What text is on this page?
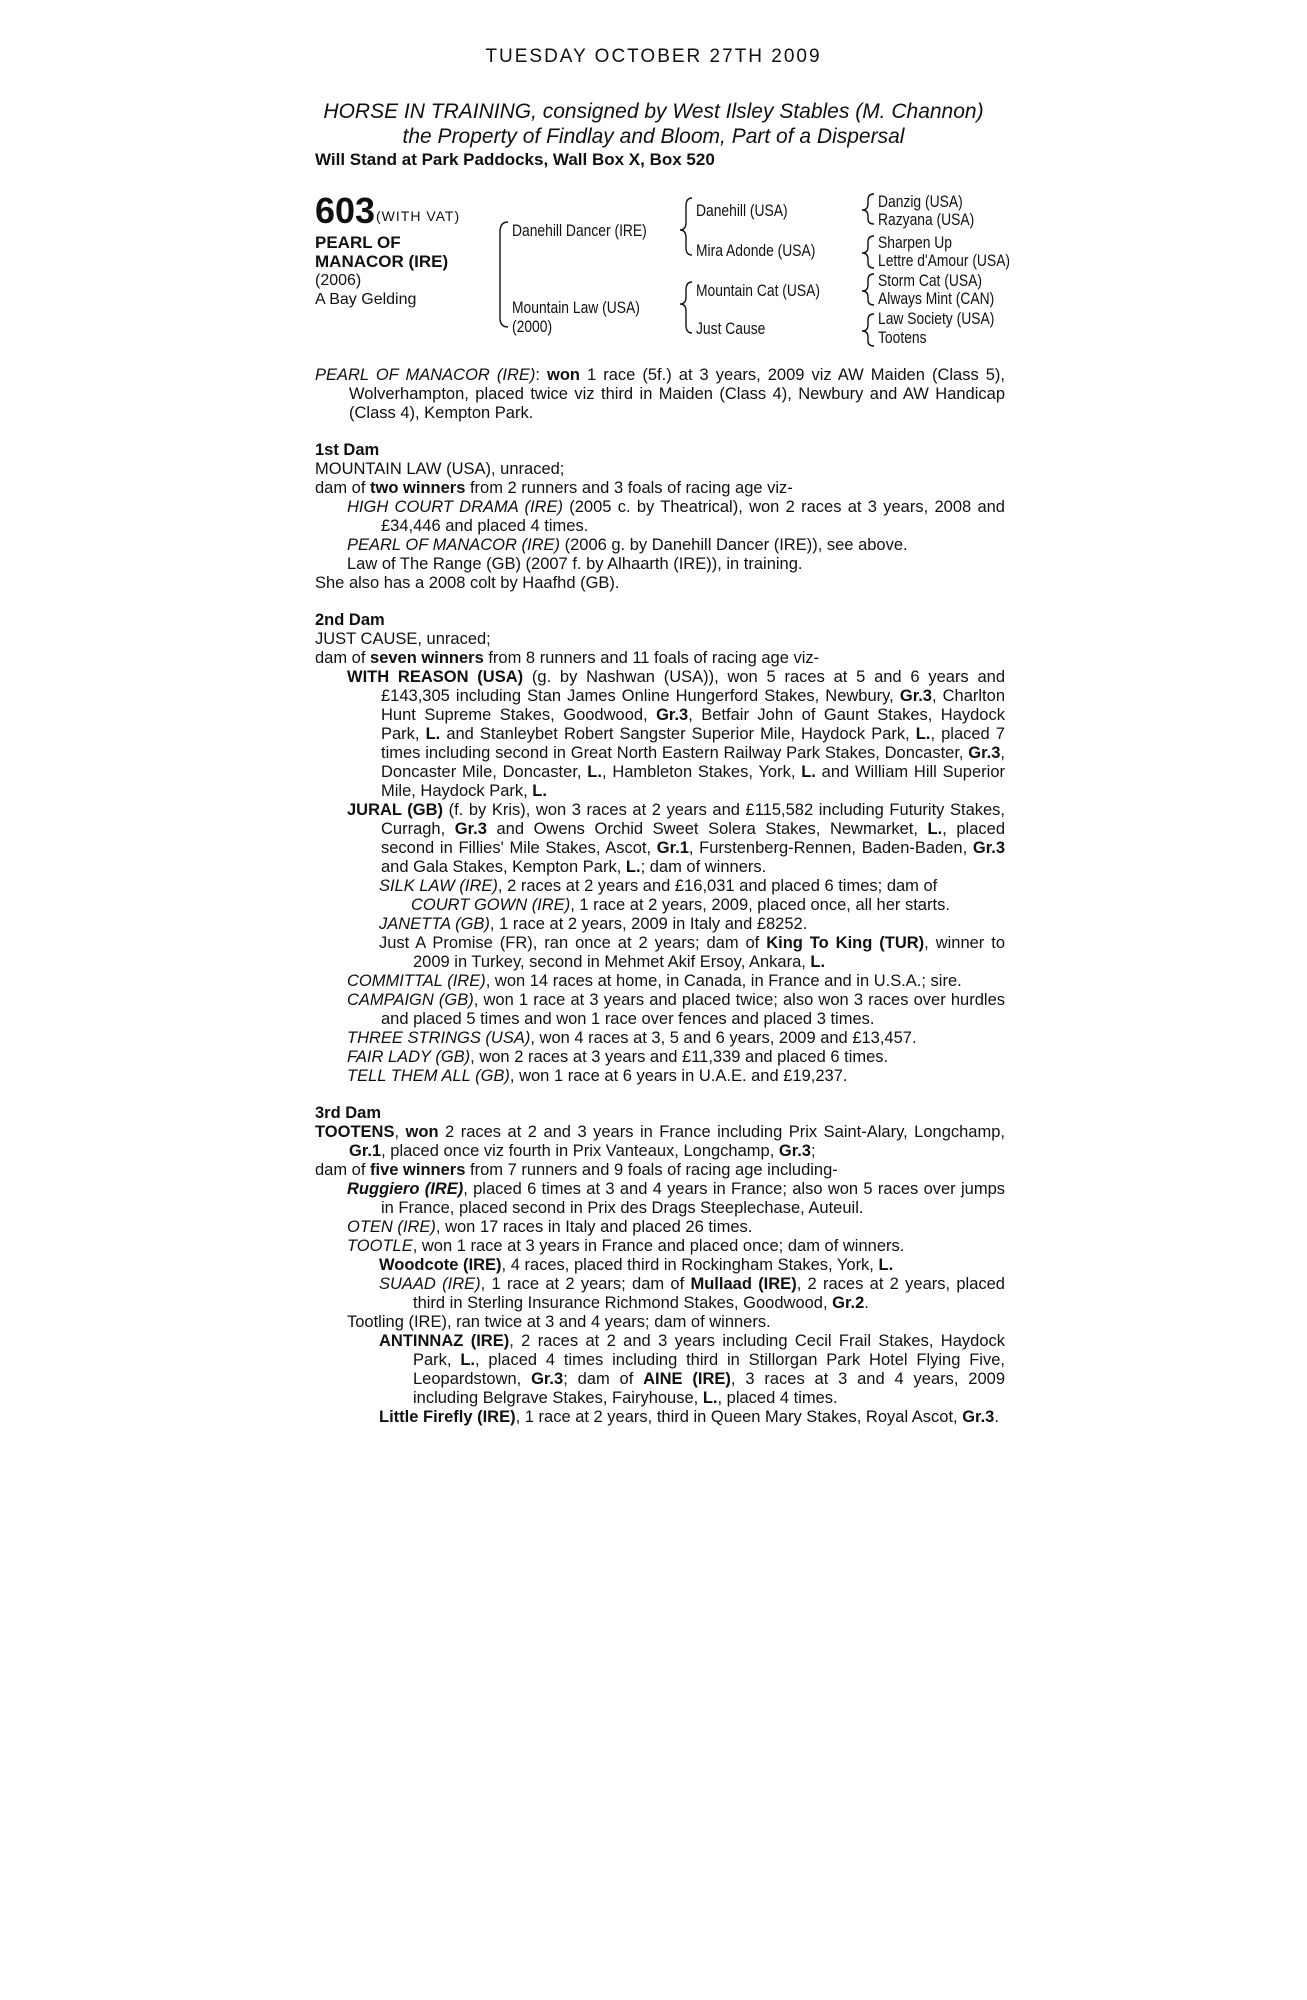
TUESDAY OCTOBER 27TH 2009
HORSE IN TRAINING, consigned by West Ilsley Stables (M. Channon)
the Property of Findlay and Bloom, Part of a Dispersal
Will Stand at Park Paddocks, Wall Box X, Box 520
603 (WITH VAT)
PEARL OF
MANACOR (IRE)
(2006)
A Bay Gelding
Danehill Dancer (IRE)
Mountain Law (USA)
(2000)
Danehill (USA)
Mira Adonde (USA)
Mountain Cat (USA)
Just Cause
Danzig (USA)
Razyana (USA)
Sharpen Up
Lettre d'Amour (USA)
Storm Cat (USA)
Always Mint (CAN)
Law Society (USA)
Tootens

PEARL OF MANACOR (IRE): won 1 race (5f.) at 3 years, 2009 viz AW Maiden (Class 5), Wolverhampton, placed twice viz third in Maiden (Class 4), Newbury and AW Handicap (Class 4), Kempton Park.

1st Dam

MOUNTAIN LAW (USA), unraced;

dam of two winners from 2 runners and 3 foals of racing age viz-

HIGH COURT DRAMA (IRE) (2005 c. by Theatrical), won 2 races at 3 years, 2008 and £34,446 and placed 4 times.

PEARL OF MANACOR (IRE) (2006 g. by Danehill Dancer (IRE)), see above.

Law of The Range (GB) (2007 f. by Alhaarth (IRE)), in training.

She also has a 2008 colt by Haafhd (GB).

2nd Dam

JUST CAUSE, unraced;

dam of seven winners from 8 runners and 11 foals of racing age viz-

WITH REASON (USA) (g. by Nashwan (USA)), won 5 races at 5 and 6 years and £143,305 including Stan James Online Hungerford Stakes, Newbury, Gr.3, Charlton Hunt Supreme Stakes, Goodwood, Gr.3, Betfair John of Gaunt Stakes, Haydock Park, L. and Stanleybet Robert Sangster Superior Mile, Haydock Park, L., placed 7 times including second in Great North Eastern Railway Park Stakes, Doncaster, Gr.3, Doncaster Mile, Doncaster, L., Hambleton Stakes, York, L. and William Hill Superior Mile, Haydock Park, L.

JURAL (GB) (f. by Kris), won 3 races at 2 years and £115,582 including Futurity Stakes, Curragh, Gr.3 and Owens Orchid Sweet Solera Stakes, Newmarket, L., placed second in Fillies' Mile Stakes, Ascot, Gr.1, Furstenberg-Rennen, Baden-Baden, Gr.3 and Gala Stakes, Kempton Park, L.; dam of winners.

SILK LAW (IRE), 2 races at 2 years and £16,031 and placed 6 times; dam of

COURT GOWN (IRE), 1 race at 2 years, 2009, placed once, all her starts.

JANETTA (GB), 1 race at 2 years, 2009 in Italy and £8252.

Just A Promise (FR), ran once at 2 years; dam of King To King (TUR), winner to 2009 in Turkey, second in Mehmet Akif Ersoy, Ankara, L.

COMMITTAL (IRE), won 14 races at home, in Canada, in France and in U.S.A.; sire.

CAMPAIGN (GB), won 1 race at 3 years and placed twice; also won 3 races over hurdles and placed 5 times and won 1 race over fences and placed 3 times.

THREE STRINGS (USA), won 4 races at 3, 5 and 6 years, 2009 and £13,457.

FAIR LADY (GB), won 2 races at 3 years and £11,339 and placed 6 times.

TELL THEM ALL (GB), won 1 race at 6 years in U.A.E. and £19,237.

3rd Dam

TOOTENS, won 2 races at 2 and 3 years in France including Prix Saint-Alary, Longchamp, Gr.1, placed once viz fourth in Prix Vanteaux, Longchamp, Gr.3;

dam of five winners from 7 runners and 9 foals of racing age including-

Ruggiero (IRE), placed 6 times at 3 and 4 years in France; also won 5 races over jumps in France, placed second in Prix des Drags Steeplechase, Auteuil.

OTEN (IRE), won 17 races in Italy and placed 26 times.

TOOTLE, won 1 race at 3 years in France and placed once; dam of winners.

Woodcote (IRE), 4 races, placed third in Rockingham Stakes, York, L.

SUAAD (IRE), 1 race at 2 years; dam of Mullaad (IRE), 2 races at 2 years, placed third in Sterling Insurance Richmond Stakes, Goodwood, Gr.2.

Tootling (IRE), ran twice at 3 and 4 years; dam of winners.

ANTINNAZ (IRE), 2 races at 2 and 3 years including Cecil Frail Stakes, Haydock Park, L., placed 4 times including third in Stillorgan Park Hotel Flying Five, Leopardstown, Gr.3; dam of AINE (IRE), 3 races at 3 and 4 years, 2009 including Belgrave Stakes, Fairyhouse, L., placed 4 times.

Little Firefly (IRE), 1 race at 2 years, third in Queen Mary Stakes, Royal Ascot, Gr.3.
